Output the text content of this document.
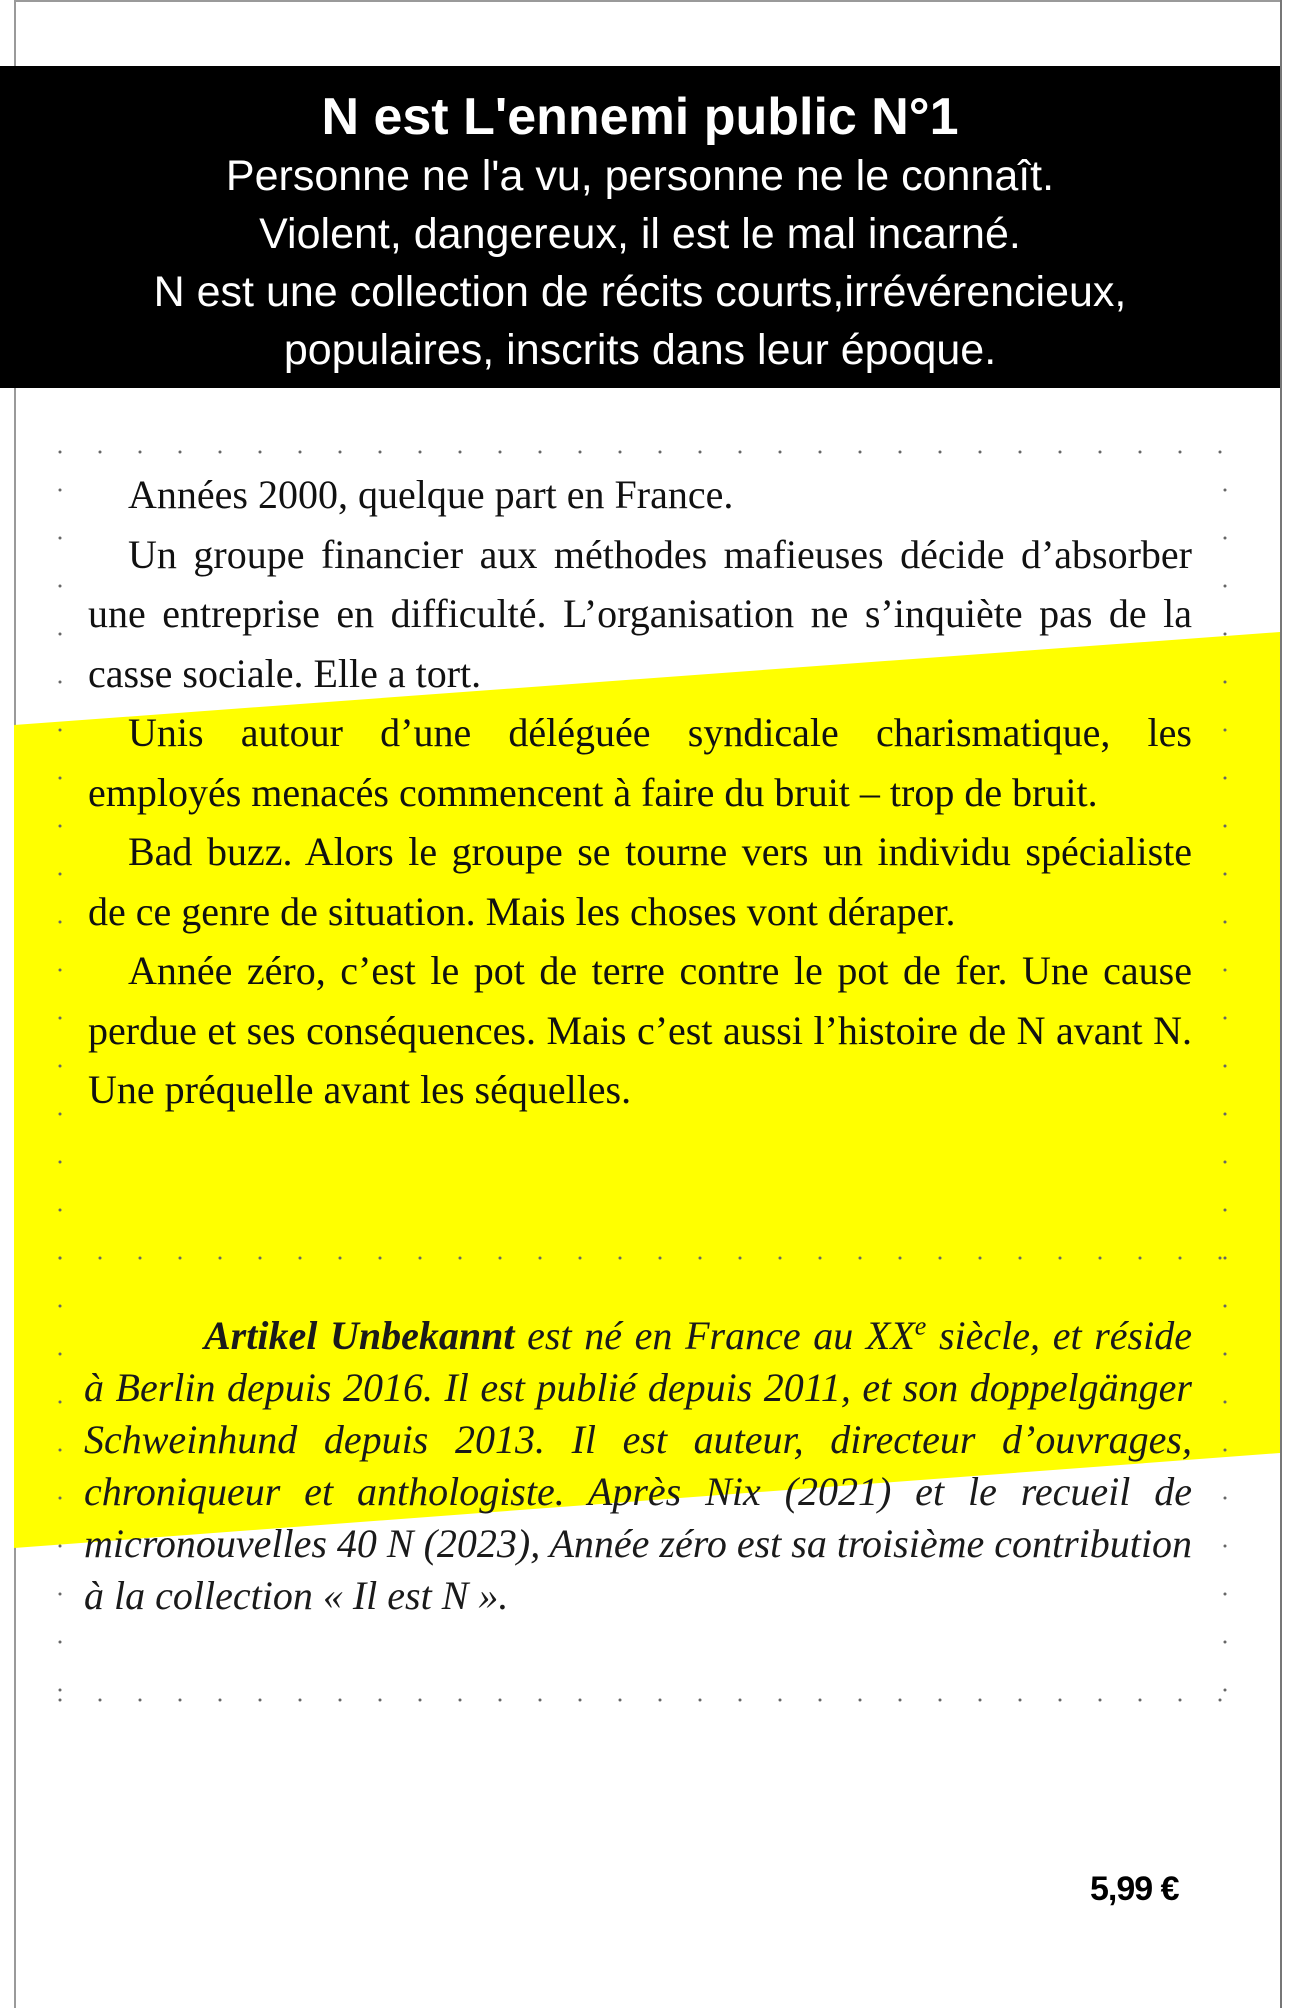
N est L'ennemi public N°1
Personne ne l'a vu, personne ne le connaît.
Violent, dangereux, il est le mal incarné.
N est une collection de récits courts,irrévérencieux,
populaires, inscrits dans leur époque.

Années 2000, quelque part en France.

Un groupe financier aux méthodes mafieuses décide d’absorber une entreprise en difficulté. L’organisation ne s’inquiète pas de la casse sociale. Elle a tort.

Unis autour d’une déléguée syndicale charismatique, les employés menacés commencent à faire du bruit – trop de bruit.

Bad buzz. Alors le groupe se tourne vers un individu spécialiste de ce genre de situation. Mais les choses vont déraper.

Année zéro, c’est le pot de terre contre le pot de fer. Une cause perdue et ses conséquences. Mais c’est aussi l’histoire de N avant N. Une préquelle avant les séquelles.

Artikel Unbekannt est né en France au XXe siècle, et réside à Berlin depuis 2016. Il est publié depuis 2011, et son doppelgänger Schweinhund depuis 2013. Il est auteur, directeur d’ouvrages, chroniqueur et anthologiste. Après Nix (2021) et le recueil de micronouvelles 40 N (2023), Année zéro est sa troisième contribution à la collection « Il est N ».
5,99 €
